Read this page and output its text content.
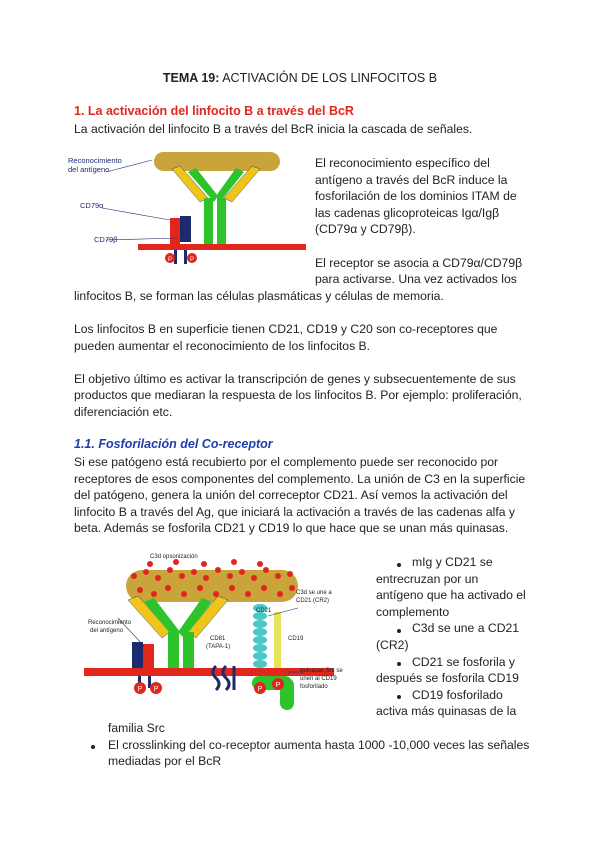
TEMA 19: ACTIVACIÓN DE LOS LINFOCITOS B
1. La activación del linfocito B a través del BcR
La activación del linfocito B a través del BcR inicia la cascada de señales.
P	P
Reconocimiento
del antígeno
CD79α
CD79β
El reconocimiento específico del
antígeno a través del BcR induce la
fosforilación de los dominios ITAM de
las cadenas glicoproteicas Igα/Igβ
(CD79α y CD79β).
El receptor se asocia a CD79α/CD79β
para activarse. Una vez activados los
linfocitos B, se forman las células plasmáticas y células de memoria.
Los linfocitos B en superficie tienen CD21, CD19 y C20 son co-receptores que
pueden aumentar el reconocimiento de los linfocitos B.
El objetivo último es activar la transcripción de genes y subsecuentemente de sus
productos que mediaran la respuesta de los linfocitos B. Por ejemplo: proliferación,
diferenciación etc.
1.1. Fosforilación del Co-receptor
Si ese patógeno está recubierto por el complemento puede ser reconocido por
receptores de esos componentes del complemento. La unión de C3 en la superficie
del patógeno, genera la unión del correceptor CD21. Así vemos la activación del
linfocito B a través del Ag, que iniciará la activación a través de las cadenas alfa y
beta. Además se fosforila CD21 y CD19 lo que hace que se unan más quinasas.
P P	P
P
C3d opsonización
Reconocimiento
del antígeno
C3d se une a
CD21 (CR2)
CD21
CD81
(TAPA-1)
CD19
quinasas Src se
unen al CD19
fosforilado
mIg y CD21 se
entrecruzan por un
antígeno que ha activado el
complemento
C3d se une a CD21
(CR2)
CD21 se fosforila y
después se fosforila CD19
CD19 fosforilado
activa más quinasas de la
familia Src
El crosslinking del co-receptor aumenta hasta 1000 -10,000 veces las señales
mediadas por el BcR
